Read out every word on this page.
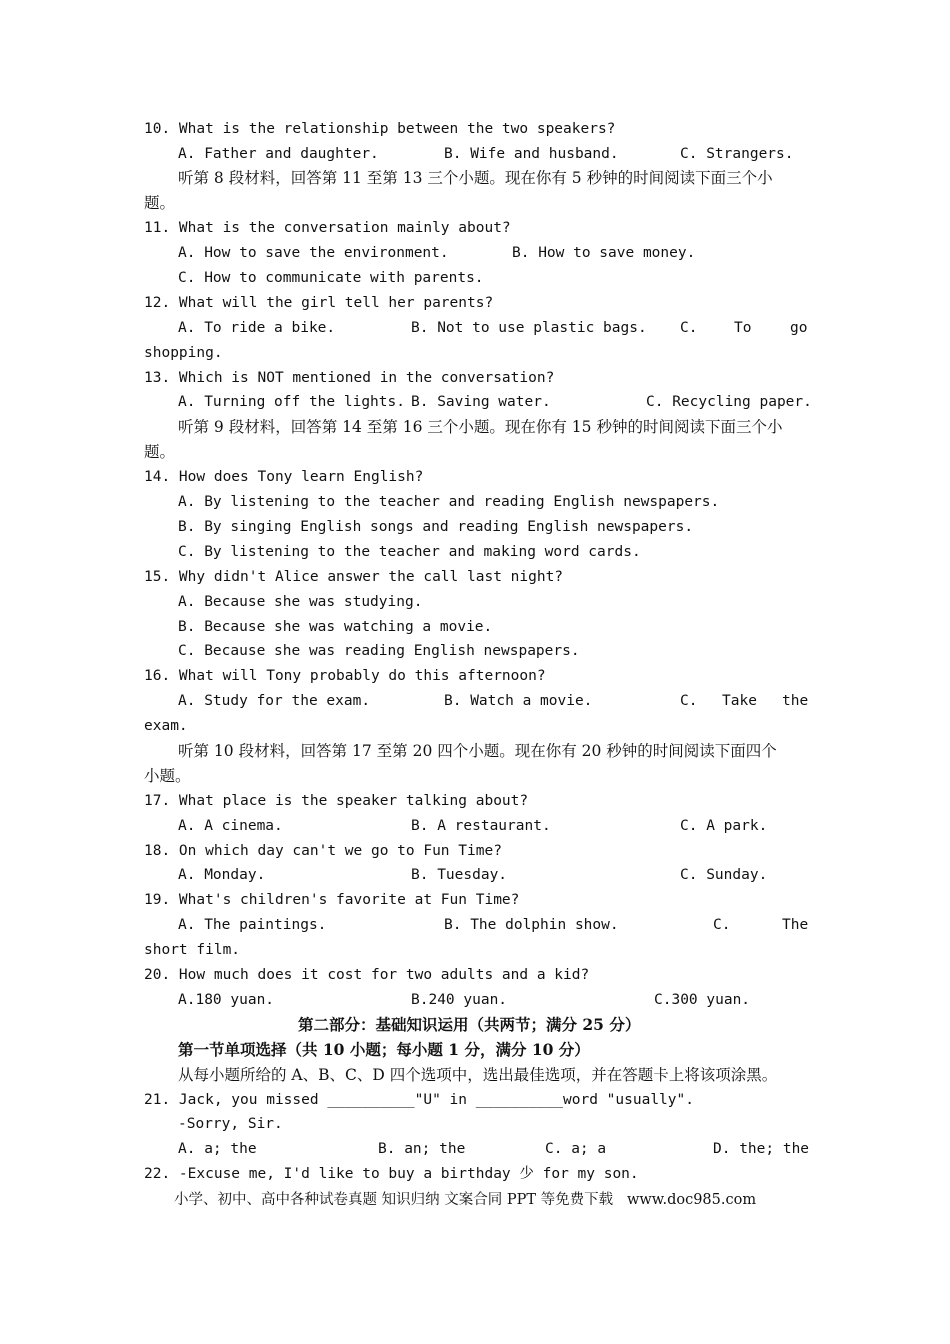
10. What is the relationship between the two speakers?
A. Father and daughter.	B. Wife and husband.	C. Strangers.
听第 8 段材料，回答第 11 至第 13 三个小题。现在你有 5 秒钟的时间阅读下面三个小
题。
11. What is the conversation mainly about?
A. How to save the environment.	B. How to save money.
C. How to communicate with parents.
12. What will the girl tell her parents?
A. To ride a bike.	B. Not to use plastic bags. C.	To	go
shopping.
13. Which is NOT mentioned in the conversation?
A. Turning off the lights. B. Saving water.	C. Recycling paper.
听第 9 段材料，回答第 14 至第 16 三个小题。现在你有 15 秒钟的时间阅读下面三个小
题。
14. How does Tony learn English?
A. By listening to the teacher and reading English newspapers.
B. By singing English songs and reading English newspapers.
C. By listening to the teacher and making word cards.
15. Why didn't Alice answer the call last night?
A. Because she was studying.
B. Because she was watching a movie.
C. Because she was reading English newspapers.
16. What will Tony probably do this afternoon?
A. Study for the exam.	B. Watch a movie.	C. Take the
exam.
听第 10 段材料，回答第 17 至第 20 四个小题。现在你有 20 秒钟的时间阅读下面四个
小题。
17. What place is the speaker talking about?
A. A cinema.	B. A restaurant.	C. A park.
18. On which day can't we go to Fun Time?
A. Monday.	B. Tuesday.	C. Sunday.
19. What's children's favorite at Fun Time?
A. The paintings.	B. The dolphin show.	C.	The
short film.
20. How much does it cost for two adults and a kid?
A.180 yuan.	B.240 yuan.	C.300 yuan.
第二部分：基础知识运用（共两节；满分 25 分）
第一节单项选择（共 10 小题；每小题 1 分，满分 10 分）
从每小题所给的 A、B、C、D 四个选项中，选出最佳选项，并在答题卡上将该项涂黑。
21. Jack, you missed __________"U" in __________word "usually".
-Sorry, Sir.
A. a; the	B. an; the	C. a; a	D. the; the
22. -Excuse me, I'd like to buy a birthday 少 for my son.
小学、初中、高中各种试卷真题 知识归纳 文案合同 PPT 等免费下载   www.doc985.com
